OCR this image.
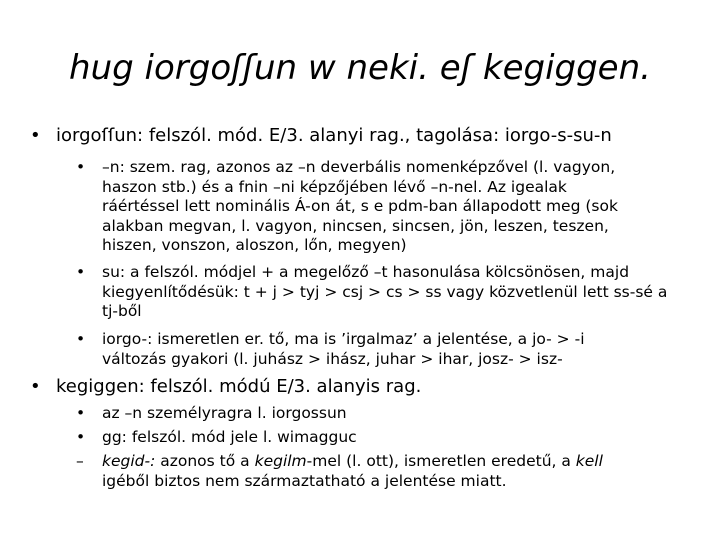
hug iorgoʃʃun w neki. eʃ kegiggen.
• iorgoſſun: felszól. mód. E/3. alanyi rag., tagolása: iorgo-s-su-n
• –n: szem. rag, azonos az –n deverbális nomenképzővel (l. vagyon,
haszon stb.) és a fnin –ni képzőjében lévő –n-nel. Az igealak
ráértéssel lett nominális Á-on át, s e pdm-ban állapodott meg (sok
alakban megvan, l. vagyon, nincsen, sincsen, jön, leszen, teszen,
hiszen, vonszon, aloszon, lőn, megyen)
• su: a felszól. módjel + a megelőző –t hasonulása kölcsönösen, majd
kiegyenlítődésük: t + j > tyj > csj > cs > ss vagy közvetlenül lett ss-sé a
tj-ből
• iorgo-: ismeretlen er. tő, ma is ’irgalmaz’ a jelentése, a jo- > -i
változás gyakori (l. juhász > ihász, juhar > ihar, josz- > isz-
• kegiggen: felszól. módú E/3. alanyis rag.
• az –n személyragra l. iorgossun
• gg: felszól. mód jele l. wimagguc
– kegid-: azonos tő a kegilm-mel (l. ott), ismeretlen eredetű, a kell
igéből biztos nem származtatható a jelentése miatt.
